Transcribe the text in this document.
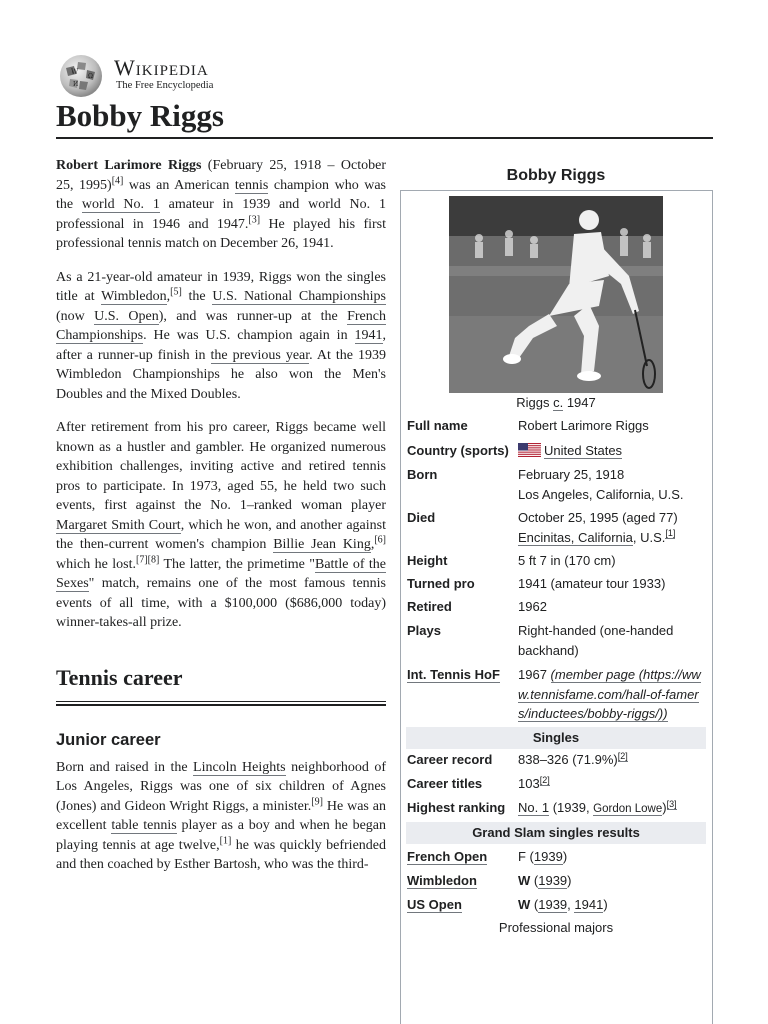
W
Ω
И
Wikipedia
The Free Encyclopedia
Bobby Riggs

Robert Larimore Riggs (February 25, 1918 – October 25, 1995)[4] was an American tennis champion who was the world No. 1 amateur in 1939 and world No. 1 professional in 1946 and 1947.[3] He played his first professional tennis match on December 26, 1941.

As a 21-year-old amateur in 1939, Riggs won the singles title at Wimbledon,[5] the U.S. National Championships (now U.S. Open), and was runner-up at the French Championships. He was U.S. champion again in 1941, after a runner-up finish in the previous year. At the 1939 Wimbledon Championships he also won the Men's Doubles and the Mixed Doubles.

After retirement from his pro career, Riggs became well known as a hustler and gambler. He organized numerous exhibition challenges, inviting active and retired tennis pros to participate. In 1973, aged 55, he held two such events, first against the No. 1–ranked woman player Margaret Smith Court, which he won, and another against the then-current women's champion Billie Jean King,[6] which he lost.[7][8] The latter, the primetime "Battle of the Sexes" match, remains one of the most famous tennis events of all time, with a $100,000 ($686,000 today) winner-takes-all prize.

Tennis career
Junior career

Born and raised in the Lincoln Heights neighborhood of Los Angeles, Riggs was one of six children of Agnes (Jones) and Gideon Wright Riggs, a minister.[9] He was an excellent table tennis player as a boy and when he began playing tennis at age twelve,[1] he was quickly befriended and then coached by Esther Bartosh, who was the third-

Bobby Riggs
Riggs c. 1947
Full name	Robert Larimore Riggs
Country (sports)	United States
Born	February 25, 1918
Los Angeles, California, U.S.
Died	October 25, 1995 (aged 77)
Encinitas, California, U.S.[1]
Height	5 ft 7 in (170 cm)
Turned pro	1941 (amateur tour 1933)
Retired	1962
Plays	Right-handed (one-handed backhand)
Int. Tennis HoF	1967 (member page (https://www.tennisfame.com/hall-of-famers/inductees/bobby-riggs/))
Singles
Career record	838–326 (71.9%)[2]
Career titles	103[2]
Highest ranking No. 1 (1939, Gordon Lowe)[3]
Grand Slam singles results
French Open	F (1939)
Wimbledon	W (1939)
US Open	W (1939, 1941)
Professional majors
